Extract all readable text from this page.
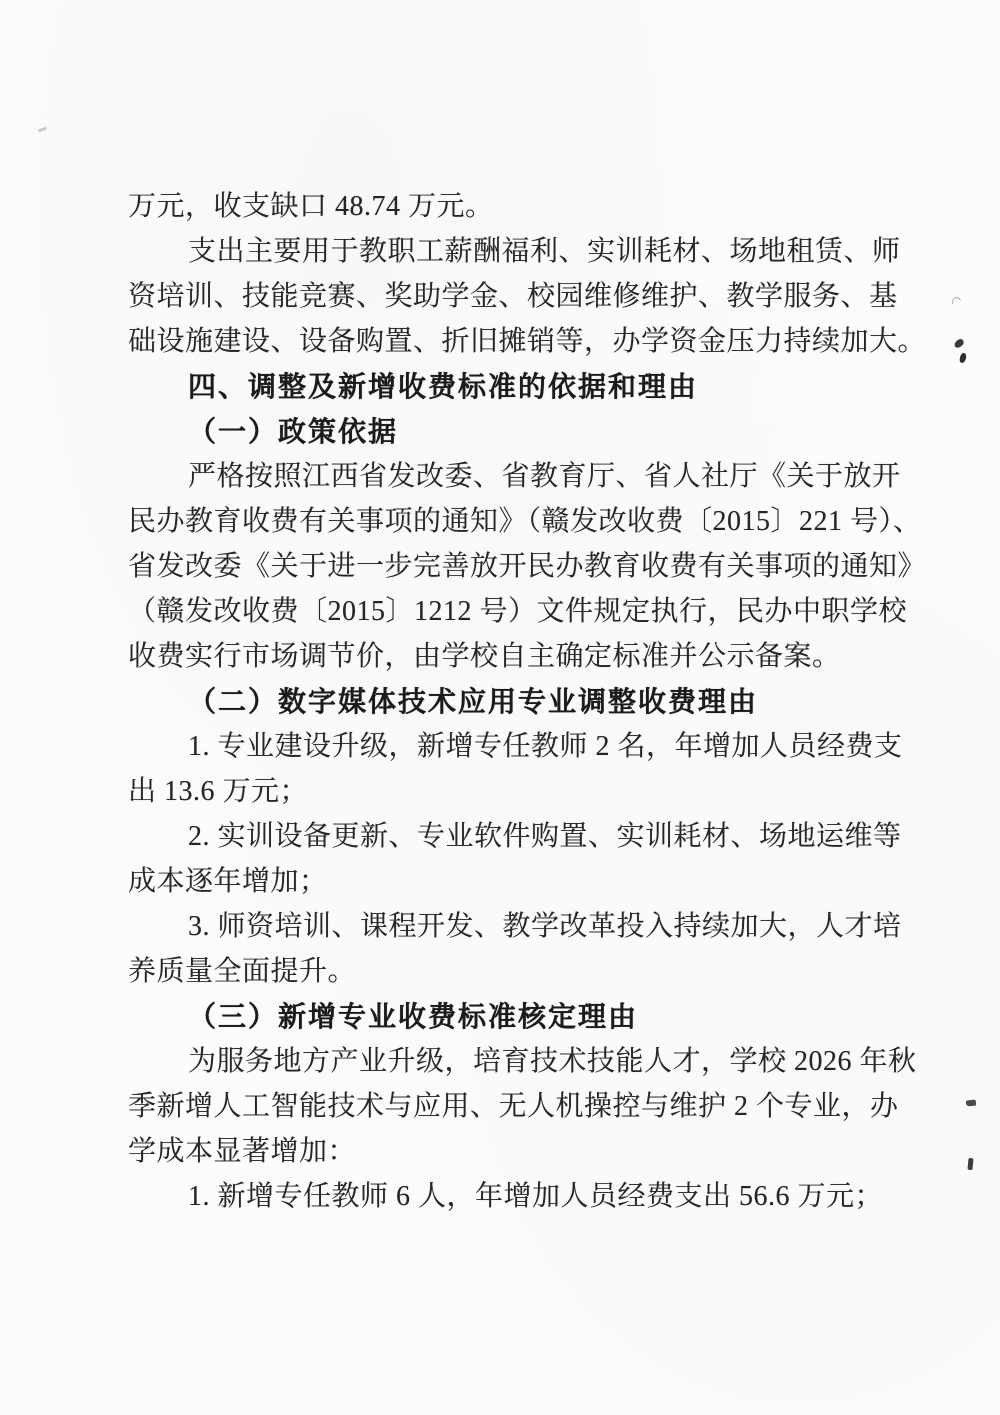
万元，收支缺口 48.74 万元。
支出主要用于教职工薪酬福利、实训耗材、场地租赁、师
资培训、技能竞赛、奖助学金、校园维修维护、教学服务、基
础设施建设、设备购置、折旧摊销等，办学资金压力持续加大。
四、调整及新增收费标准的依据和理由
（一）政策依据
严格按照江西省发改委、省教育厅、省人社厅《关于放开
民办教育收费有关事项的通知》（赣发改收费〔2015〕221 号）、
省发改委《关于进一步完善放开民办教育收费有关事项的通知》
（赣发改收费〔2015〕1212 号）文件规定执行，民办中职学校
收费实行市场调节价，由学校自主确定标准并公示备案。
（二）数字媒体技术应用专业调整收费理由
1. 专业建设升级，新增专任教师 2 名，年增加人员经费支
出 13.6 万元；
2. 实训设备更新、专业软件购置、实训耗材、场地运维等
成本逐年增加；
3. 师资培训、课程开发、教学改革投入持续加大，人才培
养质量全面提升。
（三）新增专业收费标准核定理由
为服务地方产业升级，培育技术技能人才，学校 2026 年秋
季新增人工智能技术与应用、无人机操控与维护 2 个专业，办
学成本显著增加：
1. 新增专任教师 6 人，年增加人员经费支出 56.6 万元；
